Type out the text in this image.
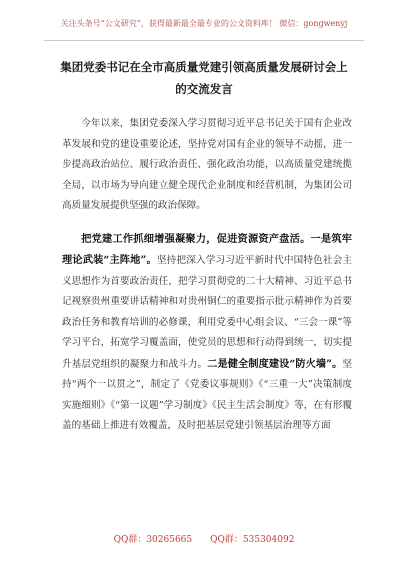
关注头条号“公文研究”，获得最新最全最专业的公文资料库！ 微信：gongwenyj
集团党委书记在全市高质量党建引领高质量发展研讨会上的交流发言

今年以来，集团党委深入学习贯彻习近平总书记关于国有企业改革发展和党的建设重要论述，坚持党对国有企业的领导不动摇，进一步提高政治站位、履行政治责任、强化政治功能，以高质量党建统揽全局，以市场为导向建立健全现代企业制度和经营机制，为集团公司高质量发展提供坚强的政治保障。

把党建工作抓细增强凝聚力，促进资源资产盘活。一是筑牢理论武装“主阵地”。坚持把深入学习习近平新时代中国特色社会主义思想作为首要政治责任，把学习贯彻党的二十大精神、习近平总书记视察贵州重要讲话精神和对贵州铜仁的重要指示批示精神作为首要政治任务和教育培训的必修课，利用党委中心组会议、“三会一课”等学习平台，拓宽学习覆盖面，使党员的思想和行动得到统一，切实提升基层党组织的凝聚力和战斗力。二是健全制度建设“防火墙”。坚持“两个一以贯之”，制定了《党委议事规则》《“三重一大”决策制度实施细则》《“第一议题”学习制度》《民主生活会制度》等，在有形覆盖的基础上推进有效覆盖，及时把基层党建引领基层治理等方面

QQ群：30265665 QQ群：535304092
